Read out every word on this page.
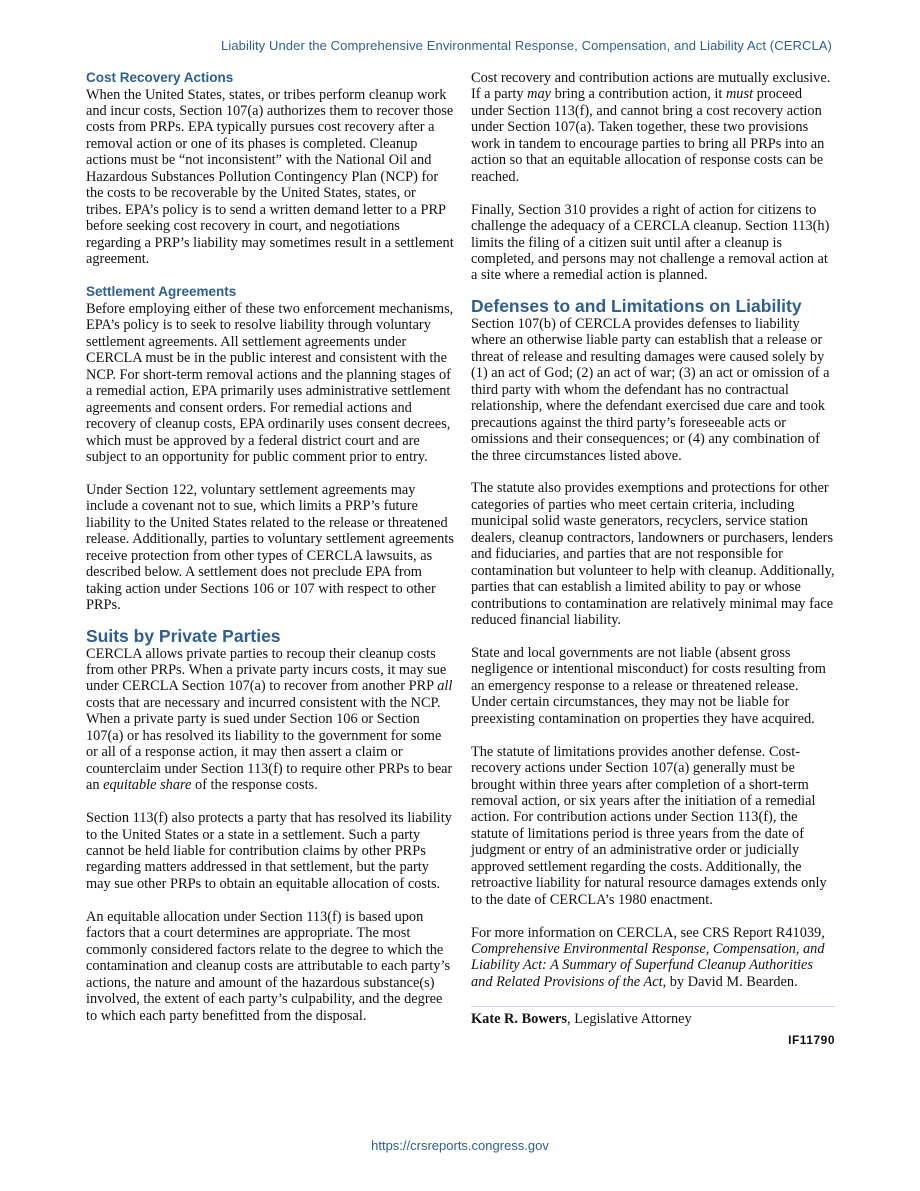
Liability Under the Comprehensive Environmental Response, Compensation, and Liability Act (CERCLA)
Cost Recovery Actions

When the United States, states, or tribes perform cleanup work and incur costs, Section 107(a) authorizes them to recover those costs from PRPs. EPA typically pursues cost recovery after a removal action or one of its phases is completed. Cleanup actions must be “not inconsistent” with the National Oil and Hazardous Substances Pollution Contingency Plan (NCP) for the costs to be recoverable by the United States, states, or tribes. EPA’s policy is to send a written demand letter to a PRP before seeking cost recovery in court, and negotiations regarding a PRP’s liability may sometimes result in a settlement agreement.

Settlement Agreements

Before employing either of these two enforcement mechanisms, EPA’s policy is to seek to resolve liability through voluntary settlement agreements. All settlement agreements under CERCLA must be in the public interest and consistent with the NCP. For short-term removal actions and the planning stages of a remedial action, EPA primarily uses administrative settlement agreements and consent orders. For remedial actions and recovery of cleanup costs, EPA ordinarily uses consent decrees, which must be approved by a federal district court and are subject to an opportunity for public comment prior to entry.

Under Section 122, voluntary settlement agreements may include a covenant not to sue, which limits a PRP’s future liability to the United States related to the release or threatened release. Additionally, parties to voluntary settlement agreements receive protection from other types of CERCLA lawsuits, as described below. A settlement does not preclude EPA from taking action under Sections 106 or 107 with respect to other PRPs.

Suits by Private Parties

CERCLA allows private parties to recoup their cleanup costs from other PRPs. When a private party incurs costs, it may sue under CERCLA Section 107(a) to recover from another PRP all costs that are necessary and incurred consistent with the NCP. When a private party is sued under Section 106 or Section 107(a) or has resolved its liability to the government for some or all of a response action, it may then assert a claim or counterclaim under Section 113(f) to require other PRPs to bear an equitable share of the response costs.

Section 113(f) also protects a party that has resolved its liability to the United States or a state in a settlement. Such a party cannot be held liable for contribution claims by other PRPs regarding matters addressed in that settlement, but the party may sue other PRPs to obtain an equitable allocation of costs.

An equitable allocation under Section 113(f) is based upon factors that a court determines are appropriate. The most commonly considered factors relate to the degree to which the contamination and cleanup costs are attributable to each party’s actions, the nature and amount of the hazardous substance(s) involved, the extent of each party’s culpability, and the degree to which each party benefitted from the disposal.

Cost recovery and contribution actions are mutually exclusive. If a party may bring a contribution action, it must proceed under Section 113(f), and cannot bring a cost recovery action under Section 107(a). Taken together, these two provisions work in tandem to encourage parties to bring all PRPs into an action so that an equitable allocation of response costs can be reached.

Finally, Section 310 provides a right of action for citizens to challenge the adequacy of a CERCLA cleanup. Section 113(h) limits the filing of a citizen suit until after a cleanup is completed, and persons may not challenge a removal action at a site where a remedial action is planned.

Defenses to and Limitations on Liability

Section 107(b) of CERCLA provides defenses to liability where an otherwise liable party can establish that a release or threat of release and resulting damages were caused solely by (1) an act of God; (2) an act of war; (3) an act or omission of a third party with whom the defendant has no contractual relationship, where the defendant exercised due care and took precautions against the third party’s foreseeable acts or omissions and their consequences; or (4) any combination of the three circumstances listed above.

The statute also provides exemptions and protections for other categories of parties who meet certain criteria, including municipal solid waste generators, recyclers, service station dealers, cleanup contractors, landowners or purchasers, lenders and fiduciaries, and parties that are not responsible for contamination but volunteer to help with cleanup. Additionally, parties that can establish a limited ability to pay or whose contributions to contamination are relatively minimal may face reduced financial liability.

State and local governments are not liable (absent gross negligence or intentional misconduct) for costs resulting from an emergency response to a release or threatened release. Under certain circumstances, they may not be liable for preexisting contamination on properties they have acquired.

The statute of limitations provides another defense. Cost-recovery actions under Section 107(a) generally must be brought within three years after completion of a short-term removal action, or six years after the initiation of a remedial action. For contribution actions under Section 113(f), the statute of limitations period is three years from the date of judgment or entry of an administrative order or judicially approved settlement regarding the costs. Additionally, the retroactive liability for natural resource damages extends only to the date of CERCLA’s 1980 enactment.

For more information on CERCLA, see CRS Report R41039, Comprehensive Environmental Response, Compensation, and Liability Act: A Summary of Superfund Cleanup Authorities and Related Provisions of the Act, by David M. Bearden.

Kate R. Bowers, Legislative Attorney

IF11790
https://crsreports.congress.gov
